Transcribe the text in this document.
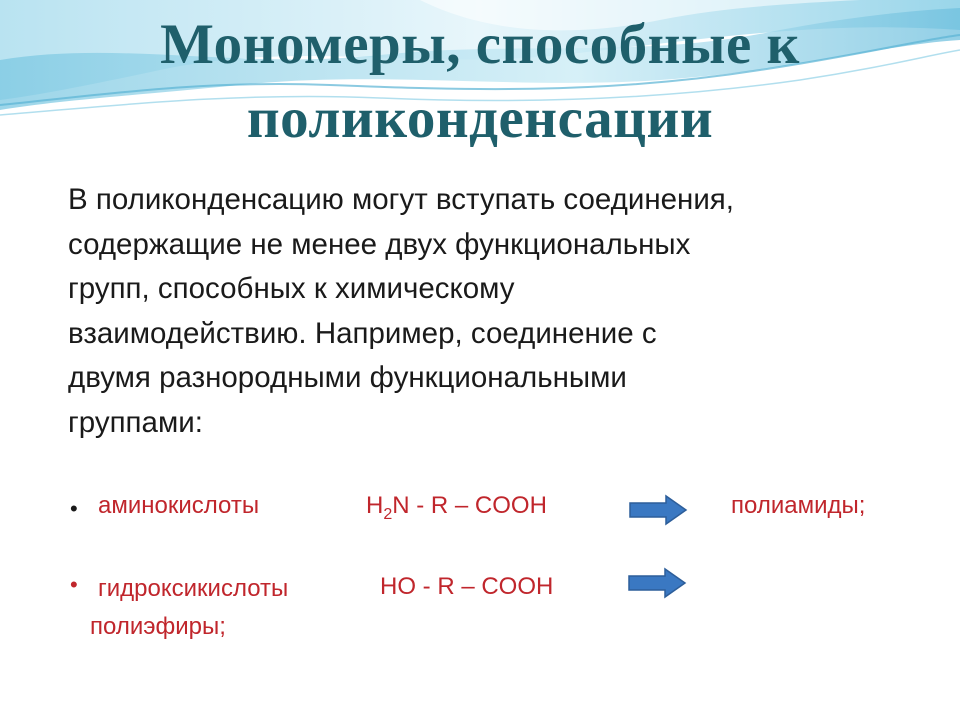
Мономеры, способные к
поликонденсации
В поликонденсацию могут вступать соединения,
содержащие не менее двух функциональных
групп, способных к химическому
взаимодействию. Например, соединение с
двумя разнородными функциональными
группами:
• аминокислоты	$H_2N$ - R – COOH	полиамиды;
• гидроксикислоты	HO - R – COOH
полиэфиры;
